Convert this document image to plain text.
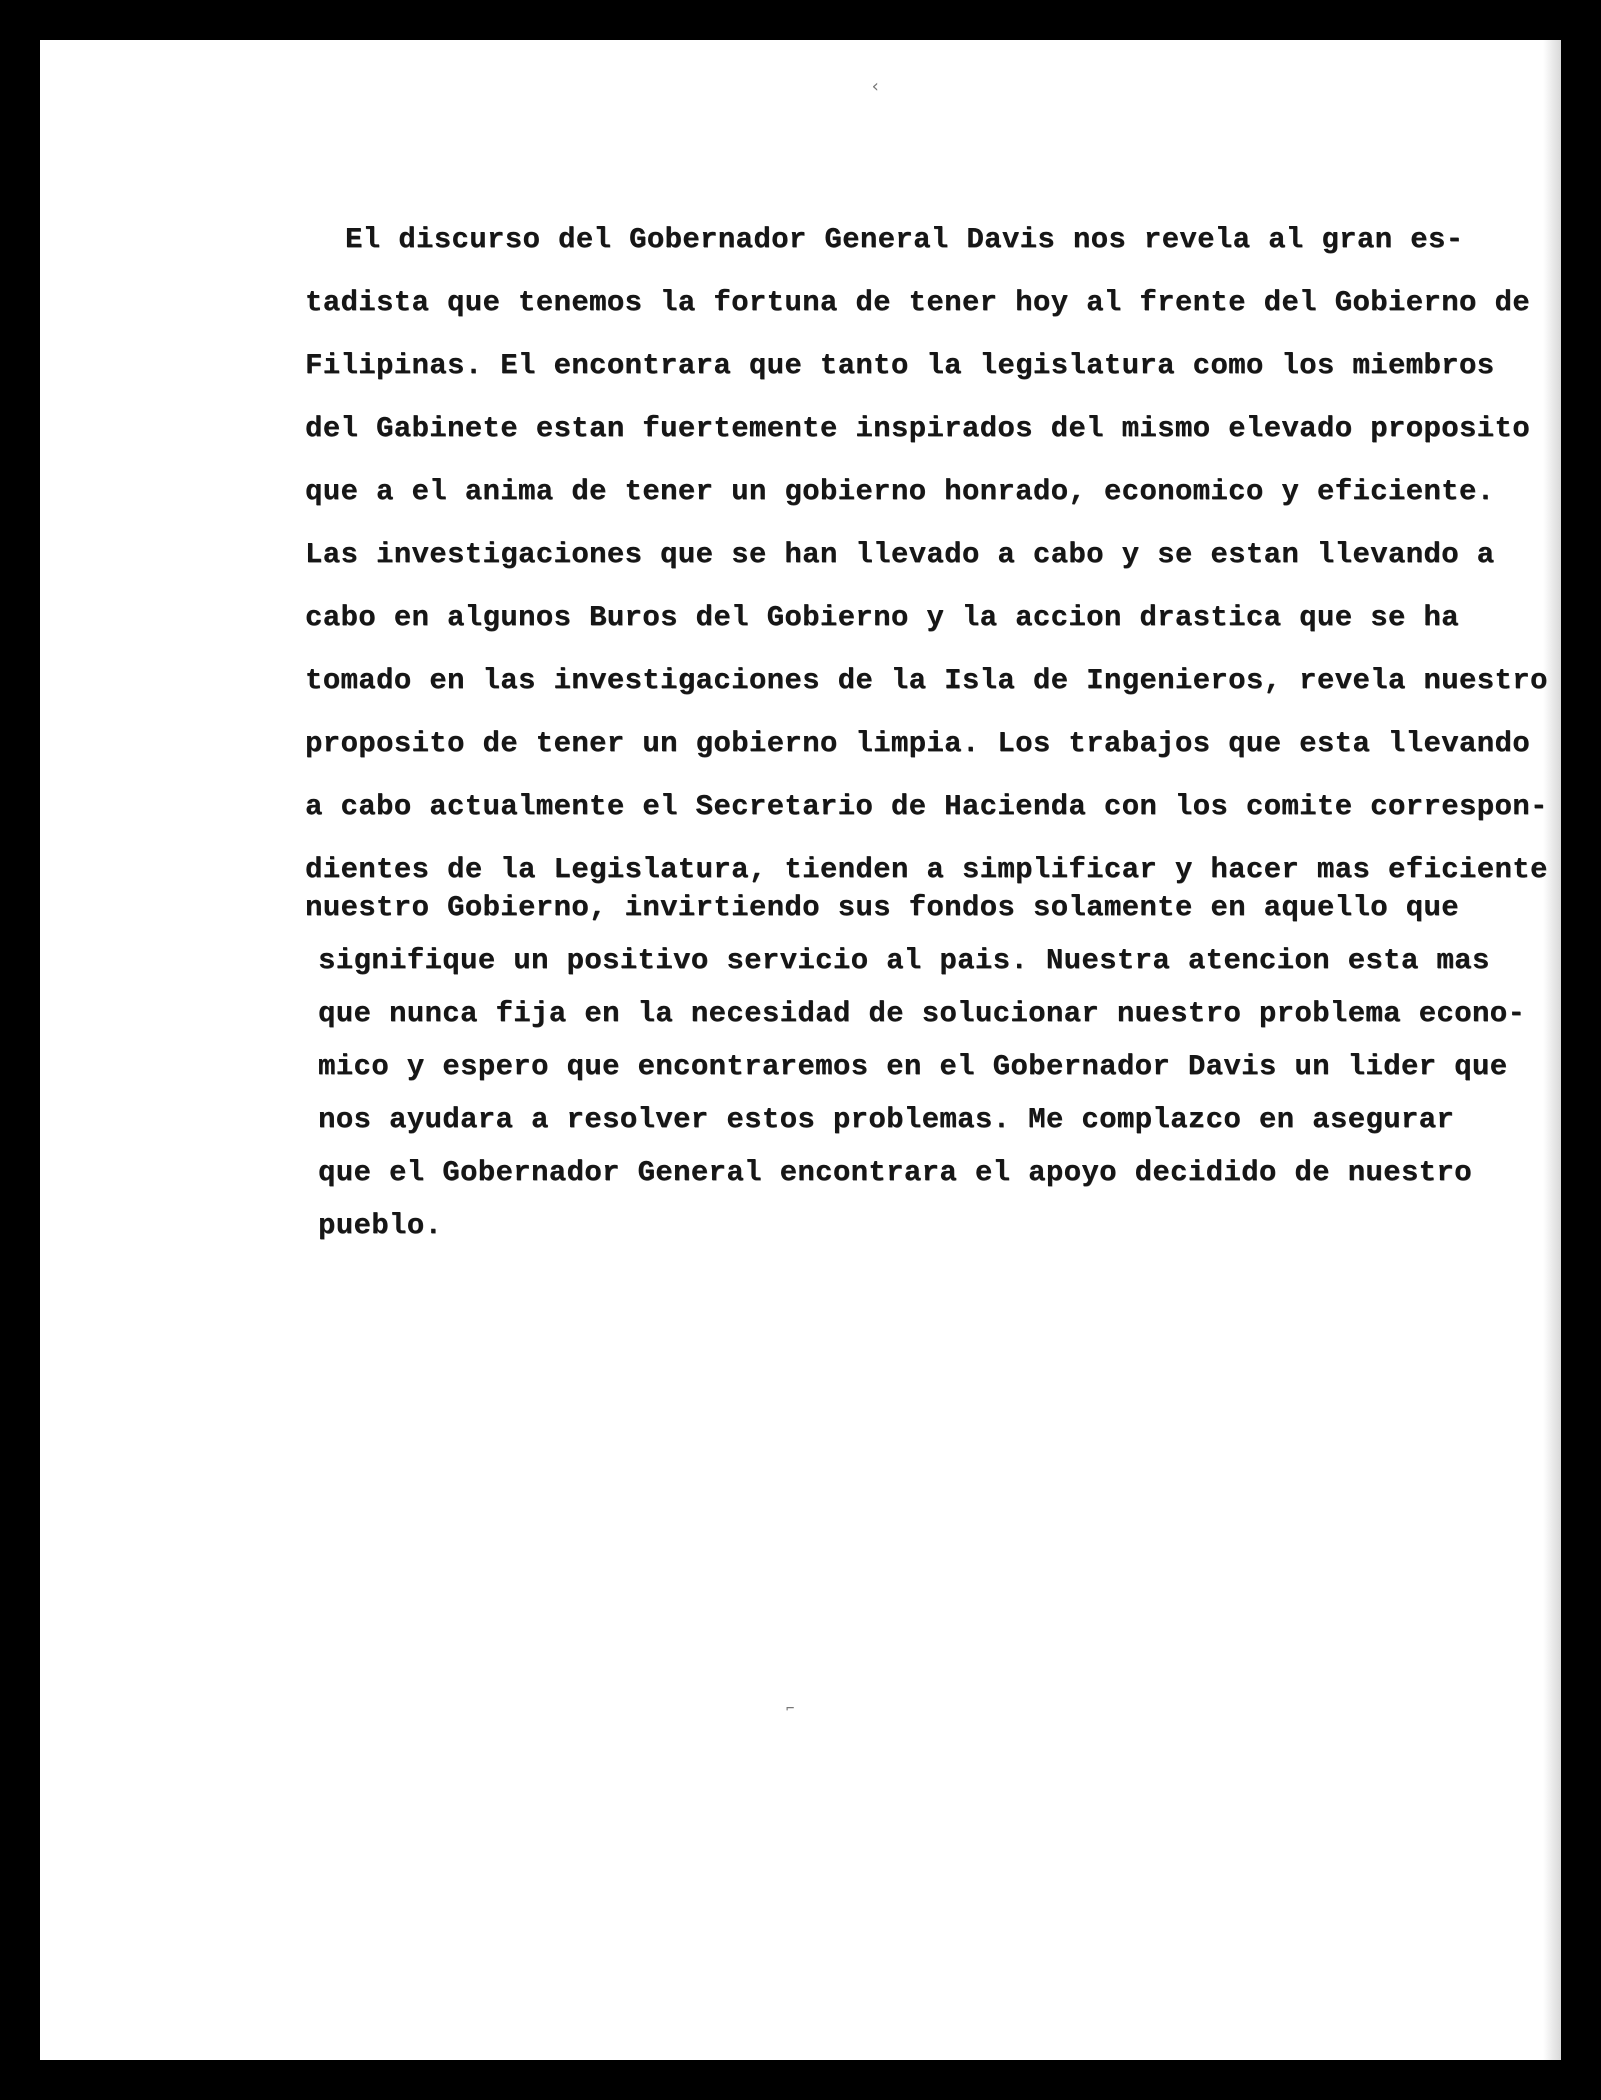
‹
⌐
El discurso del Gobernador General Davis nos revela al gran es-
tadista que tenemos la fortuna de tener hoy al frente del Gobierno de
Filipinas. El encontrara que tanto la legislatura como los miembros
del Gabinete estan fuertemente inspirados del mismo elevado proposito
que a el anima de tener un gobierno honrado, economico y eficiente.
Las investigaciones que se han llevado a cabo y se estan llevando a
cabo en algunos Buros del Gobierno y la accion drastica que se ha
tomado en las investigaciones de la Isla de Ingenieros, revela nuestro
proposito de tener un gobierno limpia. Los trabajos que esta llevando
a cabo actualmente el Secretario de Hacienda con los comite correspon-
dientes de la Legislatura, tienden a simplificar y hacer mas eficiente
nuestro Gobierno, invirtiendo sus fondos solamente en aquello que
signifique un positivo servicio al pais. Nuestra atencion esta mas
que nunca fija en la necesidad de solucionar nuestro problema econo-
mico y espero que encontraremos en el Gobernador Davis un lider que
nos ayudara a resolver estos problemas. Me complazco en asegurar
que el Gobernador General encontrara el apoyo decidido de nuestro
pueblo.
